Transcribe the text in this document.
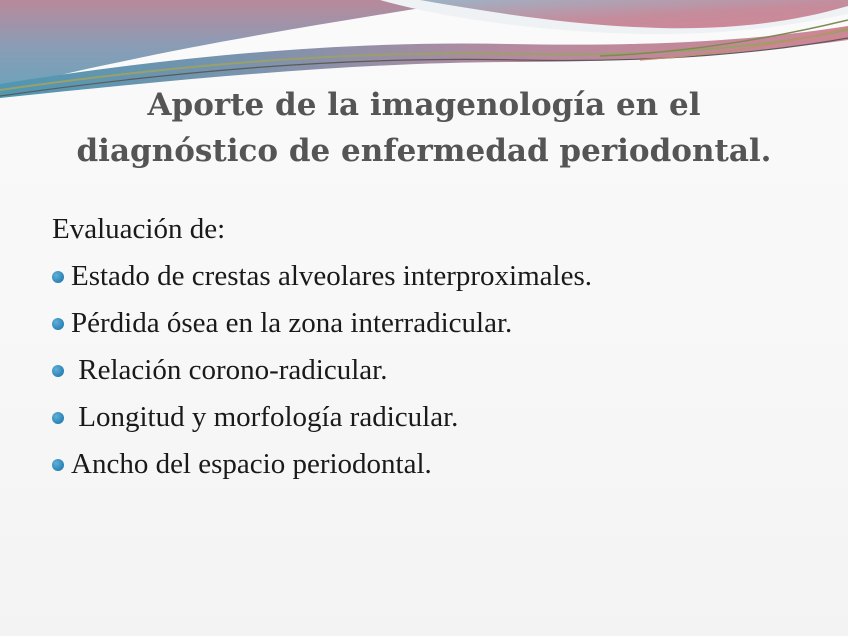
Aporte de la imagenología en el
diagnóstico de enfermedad periodontal.
Evaluación de:
Estado de crestas alveolares interproximales.
Pérdida ósea en la zona interradicular.
Relación corono-radicular.
Longitud y morfología radicular.
Ancho del espacio periodontal.
